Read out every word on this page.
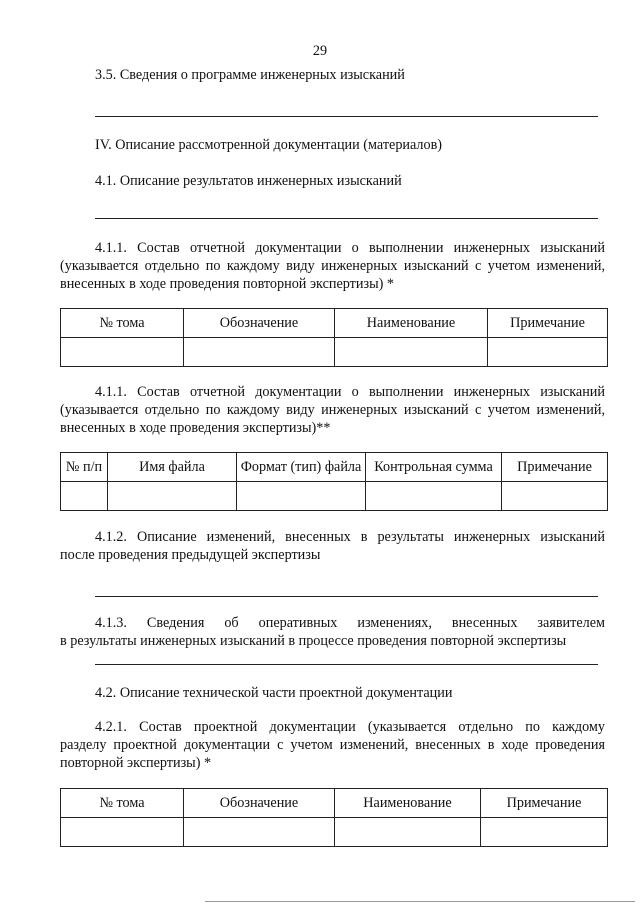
29
3.5. Сведения о программе инженерных изысканий
IV. Описание рассмотренной документации (материалов)
4.1. Описание результатов инженерных изысканий
4.1.1. Состав отчетной документации о выполнении инженерных изысканий
(указывается отдельно по каждому виду инженерных изысканий с учетом изменений,
внесенных в ходе проведения повторной экспертизы) *
№ тома	Обозначение	Наименование	Примечание

4.1.1. Состав отчетной документации о выполнении инженерных изысканий
(указывается отдельно по каждому виду инженерных изысканий с учетом изменений,
внесенных в ходе проведения экспертизы)**
№ п/п	Имя файла	Формат (тип) файла	Контрольная сумма	Примечание

4.1.2. Описание изменений, внесенных в результаты инженерных изысканий
после проведения предыдущей экспертизы
4.1.3. Сведения об оперативных изменениях, внесенных заявителем
в результаты инженерных изысканий в процессе проведения повторной экспертизы
4.2. Описание технической части проектной документации
4.2.1. Состав проектной документации (указывается отдельно по каждому
разделу проектной документации с учетом изменений, внесенных в ходе проведения
повторной экспертизы) *
№ тома	Обозначение	Наименование	Примечание
